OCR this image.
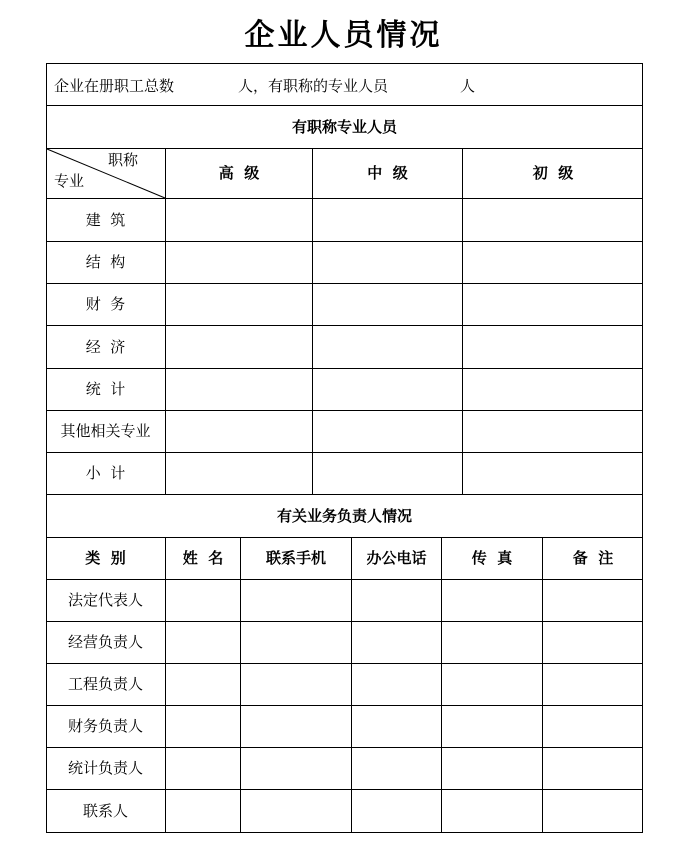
企业人员情况
企业在册职工总数	人，有职称的专业人员	人
有职称专业人员
职称
专业	高  级	中  级	初  级
建  筑
结  构
财  务
经  济
统  计
其他相关专业
小  计
有关业务负责人情况
类  别	姓  名	联系手机	办公电话	传  真	备  注
法定代表人
经营负责人
工程负责人
财务负责人
统计负责人
联系人
